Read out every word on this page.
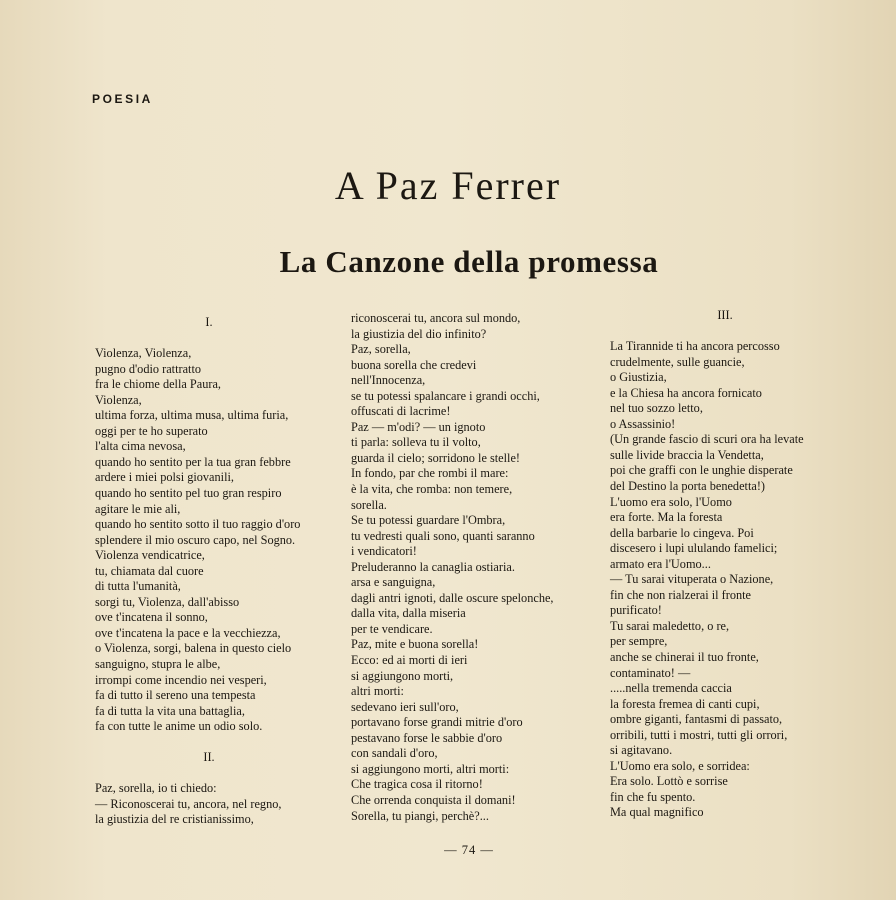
POESIA
A Paz Ferrer
La Canzone della promessa
I.
Violenza, Violenza,
pugno d'odio rattratto
fra le chiome della Paura,
Violenza,
ultima forza, ultima musa, ultima furia,
oggi per te ho superato
l'alta cima nevosa,
quando ho sentito per la tua gran febbre
ardere i miei polsi giovanili,
quando ho sentito pel tuo gran respiro
agitare le mie ali,
quando ho sentito sotto il tuo raggio d'oro
splendere il mio oscuro capo, nel Sogno.
Violenza vendicatrice,
tu, chiamata dal cuore
di tutta l'umanità,
sorgi tu, Violenza, dall'abisso
ove t'incatena il sonno,
ove t'incatena la pace e la vecchiezza,
o Violenza, sorgi, balena in questo cielo
sanguigno, stupra le albe,
irrompi come incendio nei vesperi,
fa di tutto il sereno una tempesta
fa di tutta la vita una battaglia,
fa con tutte le anime un odio solo.
II.
Paz, sorella, io ti chiedo:
— Riconoscerai tu, ancora, nel regno,
la giustizia del re cristianissimo,
riconoscerai tu, ancora sul mondo,
la giustizia del dio infinito?
Paz, sorella,
buona sorella che credevi
nell'Innocenza,
se tu potessi spalancare i grandi occhi,
offuscati di lacrime!
Paz — m'odi? — un ignoto
ti parla: solleva tu il volto,
guarda il cielo; sorridono le stelle!
In fondo, par che rombi il mare:
è la vita, che romba: non temere,
sorella.
Se tu potessi guardare l'Ombra,
tu vedresti quali sono, quanti saranno
i vendicatori!
Preluderanno la canaglia ostiaria.
arsa e sanguigna,
dagli antri ignoti, dalle oscure spelonche,
dalla vita, dalla miseria
per te vendicare.
Paz, mite e buona sorella!
Ecco: ed ai morti di ieri
si aggiungono morti,
altri morti:
sedevano ieri sull'oro,
portavano forse grandi mitrie d'oro
pestavano forse le sabbie d'oro
con sandali d'oro,
si aggiungono morti, altri morti:
Che tragica cosa il ritorno!
Che orrenda conquista il domani!
Sorella, tu piangi, perchè?...
III.
La Tirannide ti ha ancora percosso
crudelmente, sulle guancie,
o Giustizia,
e la Chiesa ha ancora fornicato
nel tuo sozzo letto,
o Assassinio!
(Un grande fascio di scuri ora ha levate
sulle livide braccia la Vendetta,
poi che graffi con le unghie disperate
del Destino la porta benedetta!)
L'uomo era solo, l'Uomo
era forte. Ma la foresta
della barbarie lo cingeva. Poi
discesero i lupi ululando famelici;
armato era l'Uomo...
— Tu sarai vituperata o Nazione,
fin che non rialzerai il fronte
purificato!
Tu sarai maledetto, o re,
per sempre,
anche se chinerai il tuo fronte,
contaminato! —
.....nella tremenda caccia
la foresta fremea di canti cupi,
ombre giganti, fantasmi di passato,
orribili, tutti i mostri, tutti gli orrori,
si agitavano.
L'Uomo era solo, e sorridea:
Era solo. Lottò e sorrise
fin che fu spento.
Ma qual magnifico
— 74 —
